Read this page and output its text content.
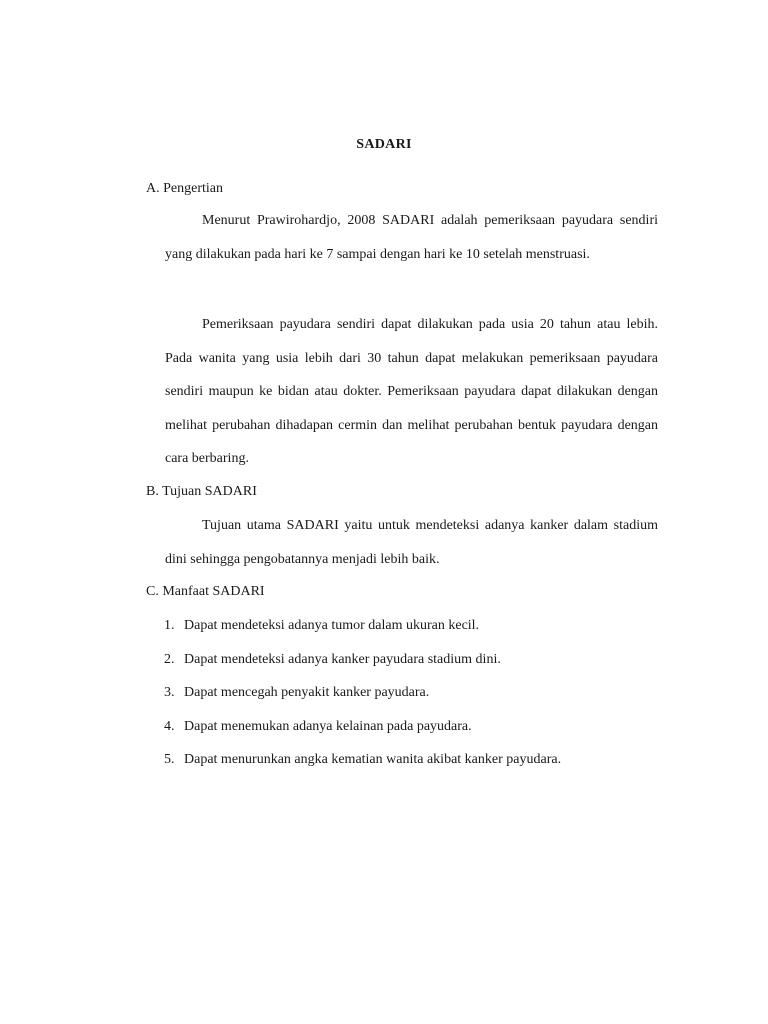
SADARI
A. Pengertian

Menurut Prawirohardjo, 2008 SADARI adalah pemeriksaan payudara sendiri yang dilakukan pada hari ke 7 sampai dengan hari ke 10 setelah menstruasi.

Pemeriksaan payudara sendiri dapat dilakukan pada usia 20 tahun atau lebih. Pada wanita yang usia lebih dari 30 tahun dapat melakukan pemeriksaan payudara sendiri maupun ke bidan atau dokter. Pemeriksaan payudara dapat dilakukan dengan melihat perubahan dihadapan cermin dan melihat perubahan bentuk payudara dengan cara berbaring.

B. Tujuan SADARI

Tujuan utama SADARI yaitu untuk mendeteksi adanya kanker dalam stadium dini sehingga pengobatannya menjadi lebih baik.

C. Manfaat SADARI
1. Dapat mendeteksi adanya tumor dalam ukuran kecil.
2. Dapat mendeteksi adanya kanker payudara stadium dini.
3. Dapat mencegah penyakit kanker payudara.
4. Dapat menemukan adanya kelainan pada payudara.
5. Dapat menurunkan angka kematian wanita akibat kanker payudara.
